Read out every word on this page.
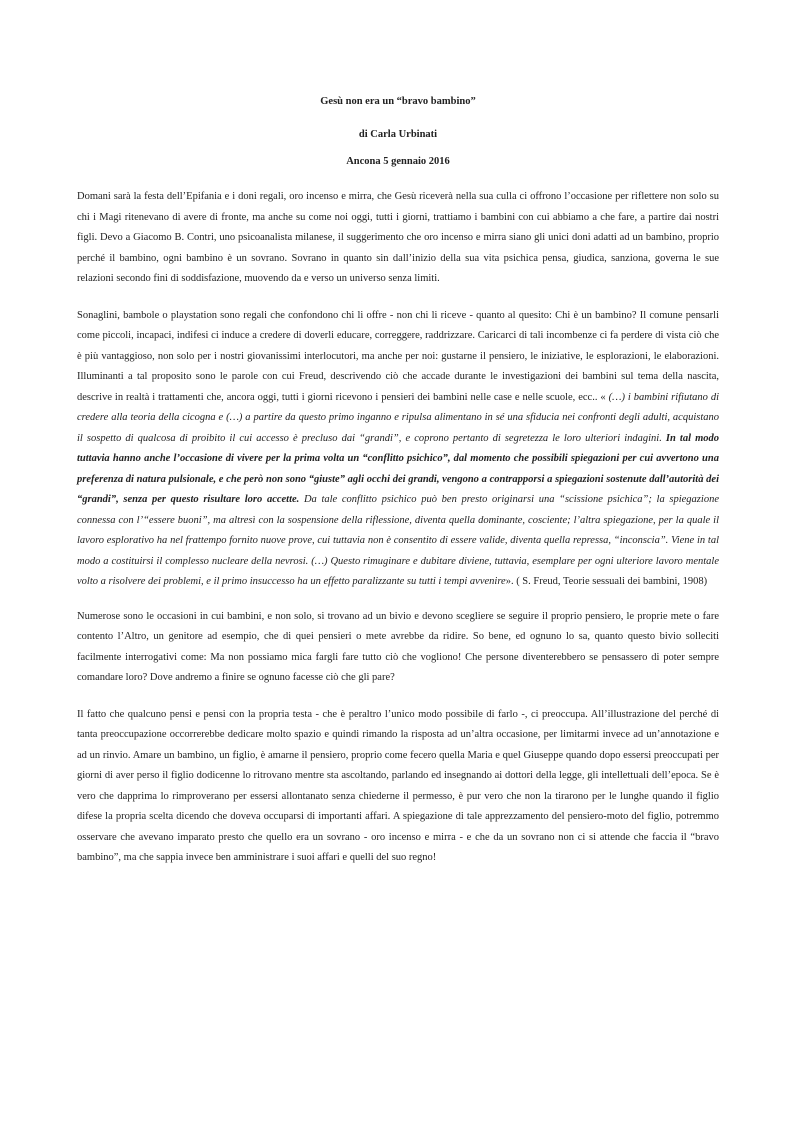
Gesù non era un “bravo bambino”

di Carla Urbinati

Ancona 5 gennaio 2016

Domani sarà la festa dell’Epifania e i doni regali, oro incenso e mirra, che Gesù riceverà nella sua culla ci offrono l’occasione per riflettere non solo su chi i Magi ritenevano di avere di fronte, ma anche su come noi oggi, tutti i giorni, trattiamo i bambini con cui abbiamo a che fare, a partire dai nostri figli. Devo a Giacomo B. Contri, uno psicoanalista milanese, il suggerimento che oro incenso e mirra siano gli unici doni adatti ad un bambino, proprio perché il bambino, ogni bambino è un sovrano. Sovrano in quanto sin dall’inizio della sua vita psichica pensa, giudica, sanziona, governa le sue relazioni secondo fini di soddisfazione, muovendo da e verso un universo senza limiti.

Sonaglini, bambole o playstation sono regali che confondono chi li offre - non chi li riceve - quanto al quesito: Chi è un bambino? Il comune pensarli come piccoli, incapaci, indifesi ci induce a credere di doverli educare, correggere, raddrizzare. Caricarci di tali incombenze ci fa perdere di vista ciò che è più vantaggioso, non solo per i nostri giovanissimi interlocutori, ma anche per noi: gustarne il pensiero, le iniziative, le esplorazioni, le elaborazioni. Illuminanti a tal proposito sono le parole con cui Freud, descrivendo ciò che accade durante le investigazioni dei bambini sul tema della nascita, descrive in realtà i trattamenti che, ancora oggi, tutti i giorni ricevono i pensieri dei bambini nelle case e nelle scuole, ecc.. « (…) i bambini rifiutano di credere alla teoria della cicogna e (…) a partire da questo primo inganno e ripulsa alimentano in sé una sfiducia nei confronti degli adulti, acquistano il sospetto di qualcosa di proibito il cui accesso è precluso dai “grandi”, e coprono pertanto di segretezza le loro ulteriori indagini. In tal modo tuttavia hanno anche l’occasione di vivere per la prima volta un “conflitto psichico”, dal momento che possibili spiegazioni per cui avvertono una preferenza di natura pulsionale, e che però non sono “giuste” agli occhi dei grandi, vengono a contrapporsi a spiegazioni sostenute dall’autorità dei “grandi”, senza per questo risultare loro accette. Da tale conflitto psichico può ben presto originarsi una “scissione psichica”; la spiegazione connessa con l’“essere buoni”, ma altresì con la sospensione della riflessione, diventa quella dominante, cosciente; l’altra spiegazione, per la quale il lavoro esplorativo ha nel frattempo fornito nuove prove, cui tuttavia non è consentito di essere valide, diventa quella repressa, “inconscia”. Viene in tal modo a costituirsi il complesso nucleare della nevrosi. (…) Questo rimuginare e dubitare diviene, tuttavia, esemplare per ogni ulteriore lavoro mentale volto a risolvere dei problemi, e il primo insuccesso ha un effetto paralizzante su tutti i tempi avvenire». ( S. Freud, Teorie sessuali dei bambini, 1908)

Numerose sono le occasioni in cui bambini, e non solo, si trovano ad un bivio e devono scegliere se seguire il proprio pensiero, le proprie mete o fare contento l’Altro, un genitore ad esempio, che di quei pensieri o mete avrebbe da ridire. So bene, ed ognuno lo sa, quanto questo bivio solleciti facilmente interrogativi come: Ma non possiamo mica fargli fare tutto ciò che vogliono! Che persone diventerebbero se pensassero di poter sempre comandare loro? Dove andremo a finire se ognuno facesse ciò che gli pare?

Il fatto che qualcuno pensi e pensi con la propria testa - che è peraltro l’unico modo possibile di farlo -, ci preoccupa. All’illustrazione del perché di tanta preoccupazione occorrerebbe dedicare molto spazio e quindi rimando la risposta ad un’altra occasione, per limitarmi invece ad un’annotazione e ad un rinvio. Amare un bambino, un figlio, è amarne il pensiero, proprio come fecero quella Maria e quel Giuseppe quando dopo essersi preoccupati per giorni di aver perso il figlio dodicenne lo ritrovano mentre sta ascoltando, parlando ed insegnando ai dottori della legge, gli intellettuali dell’epoca. Se è vero che dapprima lo rimproverano per essersi allontanato senza chiederne il permesso, è pur vero che non la tirarono per le lunghe quando il figlio difese la propria scelta dicendo che doveva occuparsi di importanti affari. A spiegazione di tale apprezzamento del pensiero-moto del figlio, potremmo osservare che avevano imparato presto che quello era un sovrano - oro incenso e mirra - e che da un sovrano non ci si attende che faccia il “bravo bambino”, ma che sappia invece ben amministrare i suoi affari e quelli del suo regno!
